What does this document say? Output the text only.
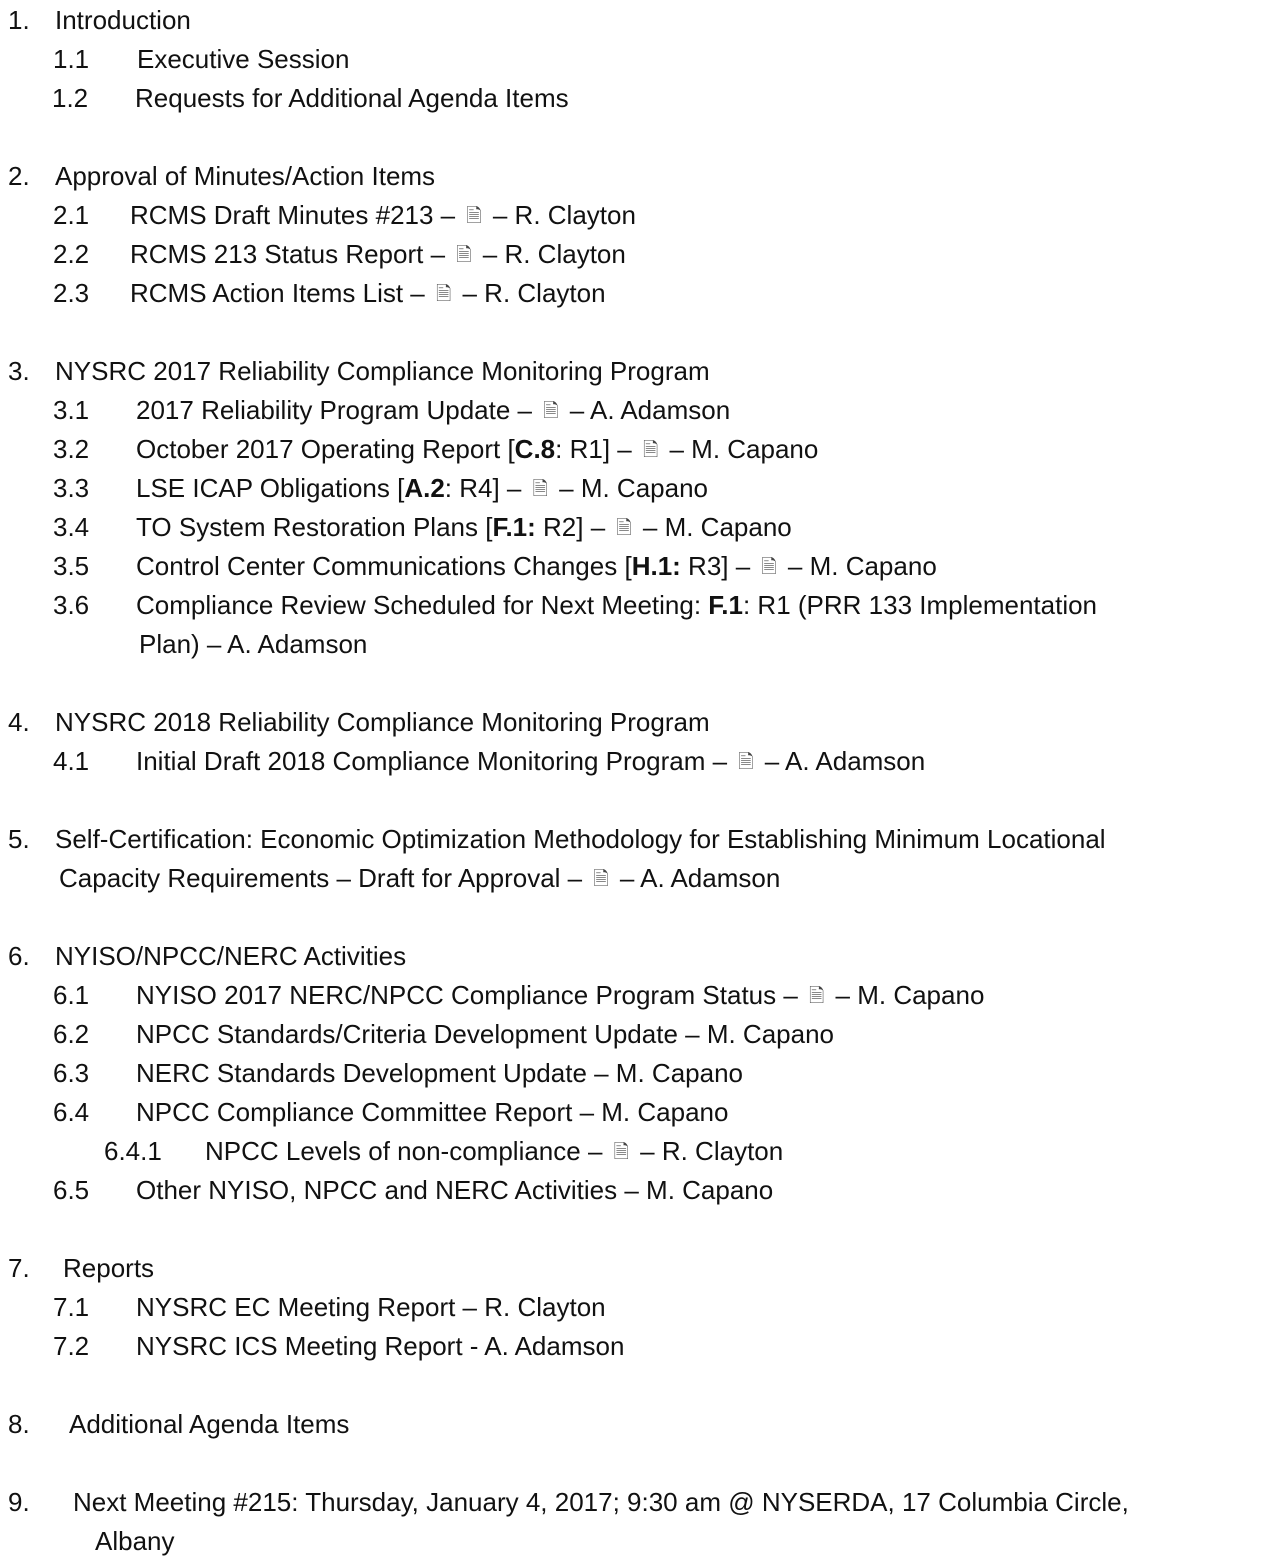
1. Introduction
1.1 Executive Session
1.2 Requests for Additional Agenda Items
2. Approval of Minutes/Action Items
2.1 RCMS Draft Minutes #213 – 🗎 – R. Clayton
2.2 RCMS 213 Status Report – 🗎 – R. Clayton
2.3 RCMS Action Items List – 🗎 – R. Clayton
3. NYSRC 2017 Reliability Compliance Monitoring Program
3.1 2017 Reliability Program Update – 🗎 – A. Adamson
3.2 October 2017 Operating Report [C.8: R1] – 🗎 – M. Capano
3.3 LSE ICAP Obligations [A.2: R4] – 🗎 – M. Capano
3.4 TO System Restoration Plans [F.1: R2] – 🗎 – M. Capano
3.5 Control Center Communications Changes [H.1: R3] – 🗎 – M. Capano
3.6 Compliance Review Scheduled for Next Meeting: F.1: R1 (PRR 133 Implementation
Plan) – A. Adamson
4. NYSRC 2018 Reliability Compliance Monitoring Program
4.1 Initial Draft 2018 Compliance Monitoring Program – 🗎 – A. Adamson
5. Self-Certification: Economic Optimization Methodology for Establishing Minimum Locational
Capacity Requirements – Draft for Approval – 🗎 – A. Adamson
6. NYISO/NPCC/NERC Activities
6.1 NYISO 2017 NERC/NPCC Compliance Program Status – 🗎 – M. Capano
6.2 NPCC Standards/Criteria Development Update – M. Capano
6.3 NERC Standards Development Update – M. Capano
6.4 NPCC Compliance Committee Report – M. Capano
6.4.1 NPCC Levels of non-compliance – 🗎 – R. Clayton
6.5 Other NYISO, NPCC and NERC Activities – M. Capano
7. Reports
7.1 NYSRC EC Meeting Report – R. Clayton
7.2 NYSRC ICS Meeting Report - A. Adamson
8. Additional Agenda Items
9. Next Meeting #215: Thursday, January 4, 2017; 9:30 am @ NYSERDA, 17 Columbia Circle,
Albany
